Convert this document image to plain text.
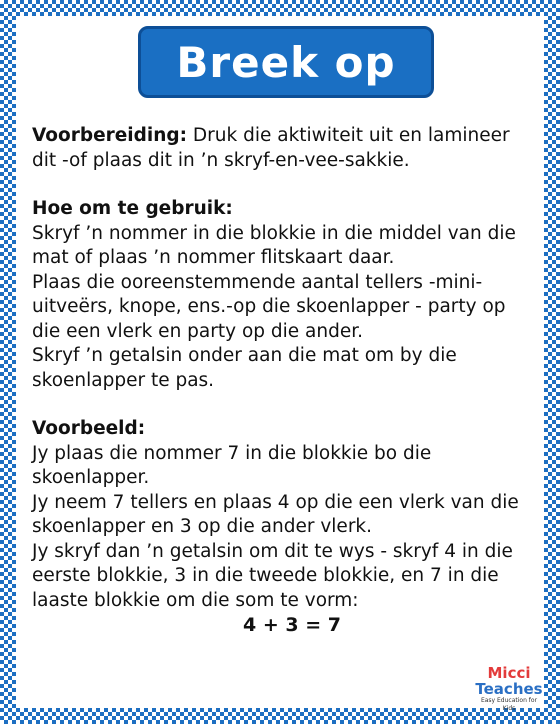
Breek op

Voorbereiding: Druk die aktiwiteit uit en lamineer dit -of plaas dit in ’n skryf-en-vee-sakkie.

Hoe om te gebruik:

Skryf ’n nommer in die blokkie in die middel van die mat of plaas ’n nommer flitskaart daar.

Plaas die ooreenstemmende aantal tellers -mini-uitveërs, knope, ens.-op die skoenlapper - party op die een vlerk en party op die ander.

Skryf ’n getalsin onder aan die mat om by die skoenlapper te pas.

Voorbeeld:

Jy plaas die nommer 7 in die blokkie bo die skoenlapper.

Jy neem 7 tellers en plaas 4 op die een vlerk van die skoenlapper en 3 op die ander vlerk.

Jy skryf dan ’n getalsin om dit te wys - skryf 4 in die eerste blokkie, 3 in die tweede blokkie, en 7 in die laaste blokkie om die som te vorm:

4 + 3 = 7

Micci
Teaches
Easy Education for Kids
